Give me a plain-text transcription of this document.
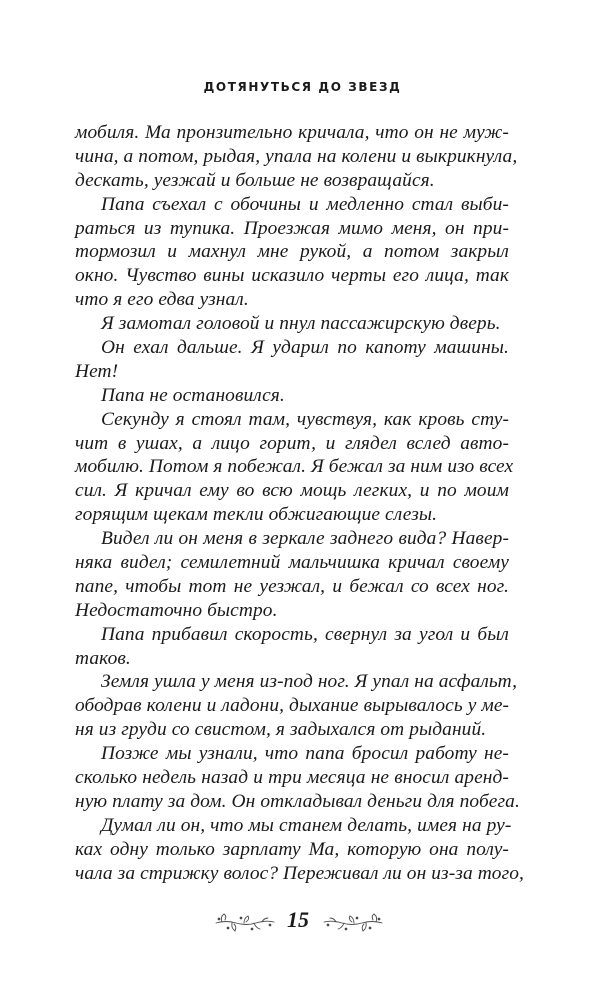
ДОТЯНУТЬСЯ ДО ЗВЕЗД
мобиля. Ма пронзительно кричала, что он не муж-
чина, а потом, рыдая, упала на колени и выкрикнула,
дескать, уезжай и больше не возвращайся.
Папа съехал с обочины и медленно стал выби-
раться из тупика. Проезжая мимо меня, он при-
тормозил и махнул мне рукой, а потом закрыл
окно. Чувство вины исказило черты его лица, так
что я его едва узнал.
Я замотал головой и пнул пассажирскую дверь.
Он ехал дальше. Я ударил по капоту машины.
Нет!
Папа не остановился.
Секунду я стоял там, чувствуя, как кровь сту-
чит в ушах, а лицо горит, и глядел вслед авто-
мобилю. Потом я побежал. Я бежал за ним изо всех
сил. Я кричал ему во всю мощь легких, и по моим
горящим щекам текли обжигающие слезы.
Видел ли он меня в зеркале заднего вида? Навер-
няка видел; семилетний мальчишка кричал своему
папе, чтобы тот не уезжал, и бежал со всех ног.
Недостаточно быстро.
Папа прибавил скорость, свернул за угол и был
таков.
Земля ушла у меня из-под ног. Я упал на асфальт,
ободрав колени и ладони, дыхание вырывалось у ме-
ня из груди со свистом, я задыхался от рыданий.
Позже мы узнали, что папа бросил работу не-
сколько недель назад и три месяца не вносил аренд-
ную плату за дом. Он откладывал деньги для побега.
Думал ли он, что мы станем делать, имея на ру-
ках одну только зарплату Ма, которую она полу-
чала за стрижку волос? Переживал ли он из-за того,
15
